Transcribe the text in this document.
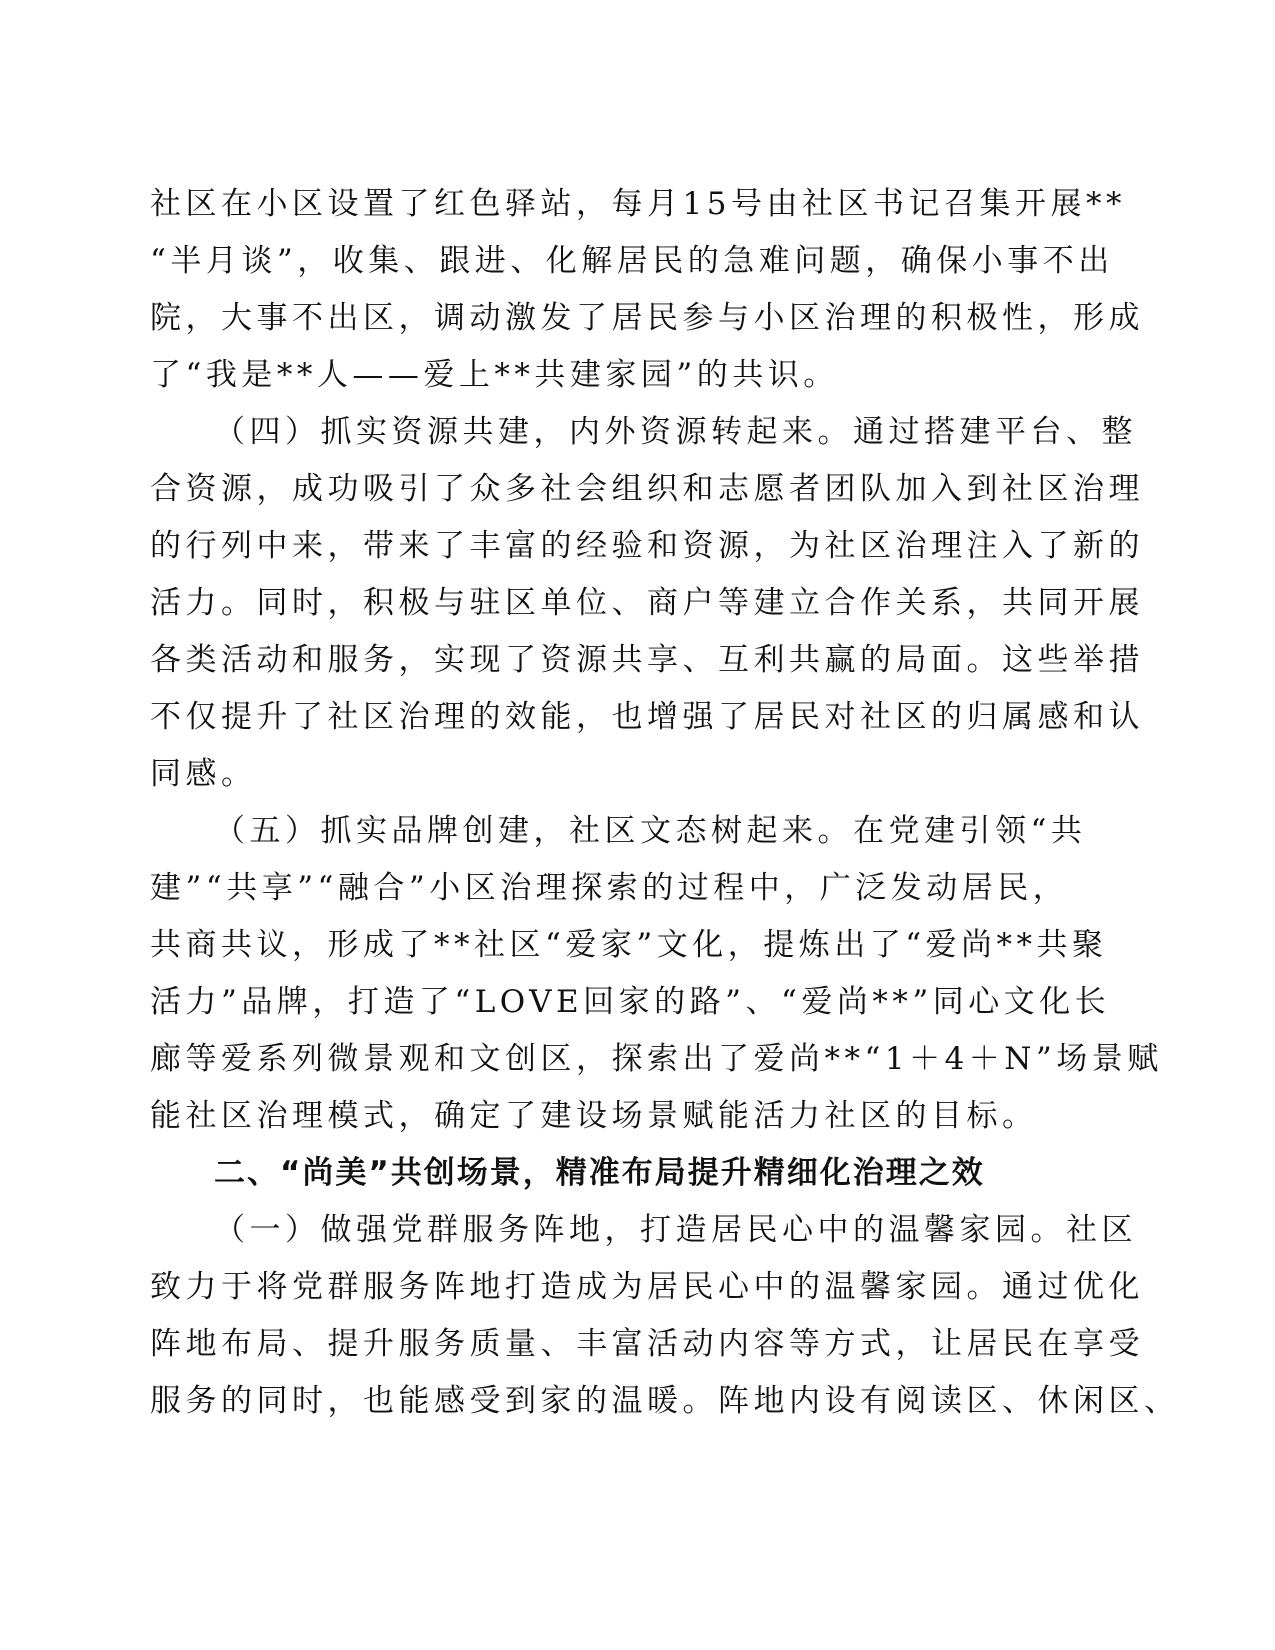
社区在小区设置了红色驿站，每月15号由社区书记召集开展**
“半月谈”，收集、跟进、化解居民的急难问题，确保小事不出
院，大事不出区，调动激发了居民参与小区治理的积极性，形成
了“我是**人——爱上**共建家园”的共识。
（四）抓实资源共建，内外资源转起来。通过搭建平台、整
合资源，成功吸引了众多社会组织和志愿者团队加入到社区治理
的行列中来，带来了丰富的经验和资源，为社区治理注入了新的
活力。同时，积极与驻区单位、商户等建立合作关系，共同开展
各类活动和服务，实现了资源共享、互利共赢的局面。这些举措
不仅提升了社区治理的效能，也增强了居民对社区的归属感和认
同感。
（五）抓实品牌创建，社区文态树起来。在党建引领“共
建”“共享”“融合”小区治理探索的过程中，广泛发动居民，
共商共议，形成了**社区“爱家”文化，提炼出了“爱尚**共聚
活力”品牌，打造了“LOVE回家的路”、“爱尚**”同心文化长
廊等爱系列微景观和文创区，探索出了爱尚**“1＋4＋N”场景赋
能社区治理模式，确定了建设场景赋能活力社区的目标。
二、“尚美”共创场景，精准布局提升精细化治理之效
（一）做强党群服务阵地，打造居民心中的温馨家园。社区
致力于将党群服务阵地打造成为居民心中的温馨家园。通过优化
阵地布局、提升服务质量、丰富活动内容等方式，让居民在享受
服务的同时，也能感受到家的温暖。阵地内设有阅读区、休闲区、
